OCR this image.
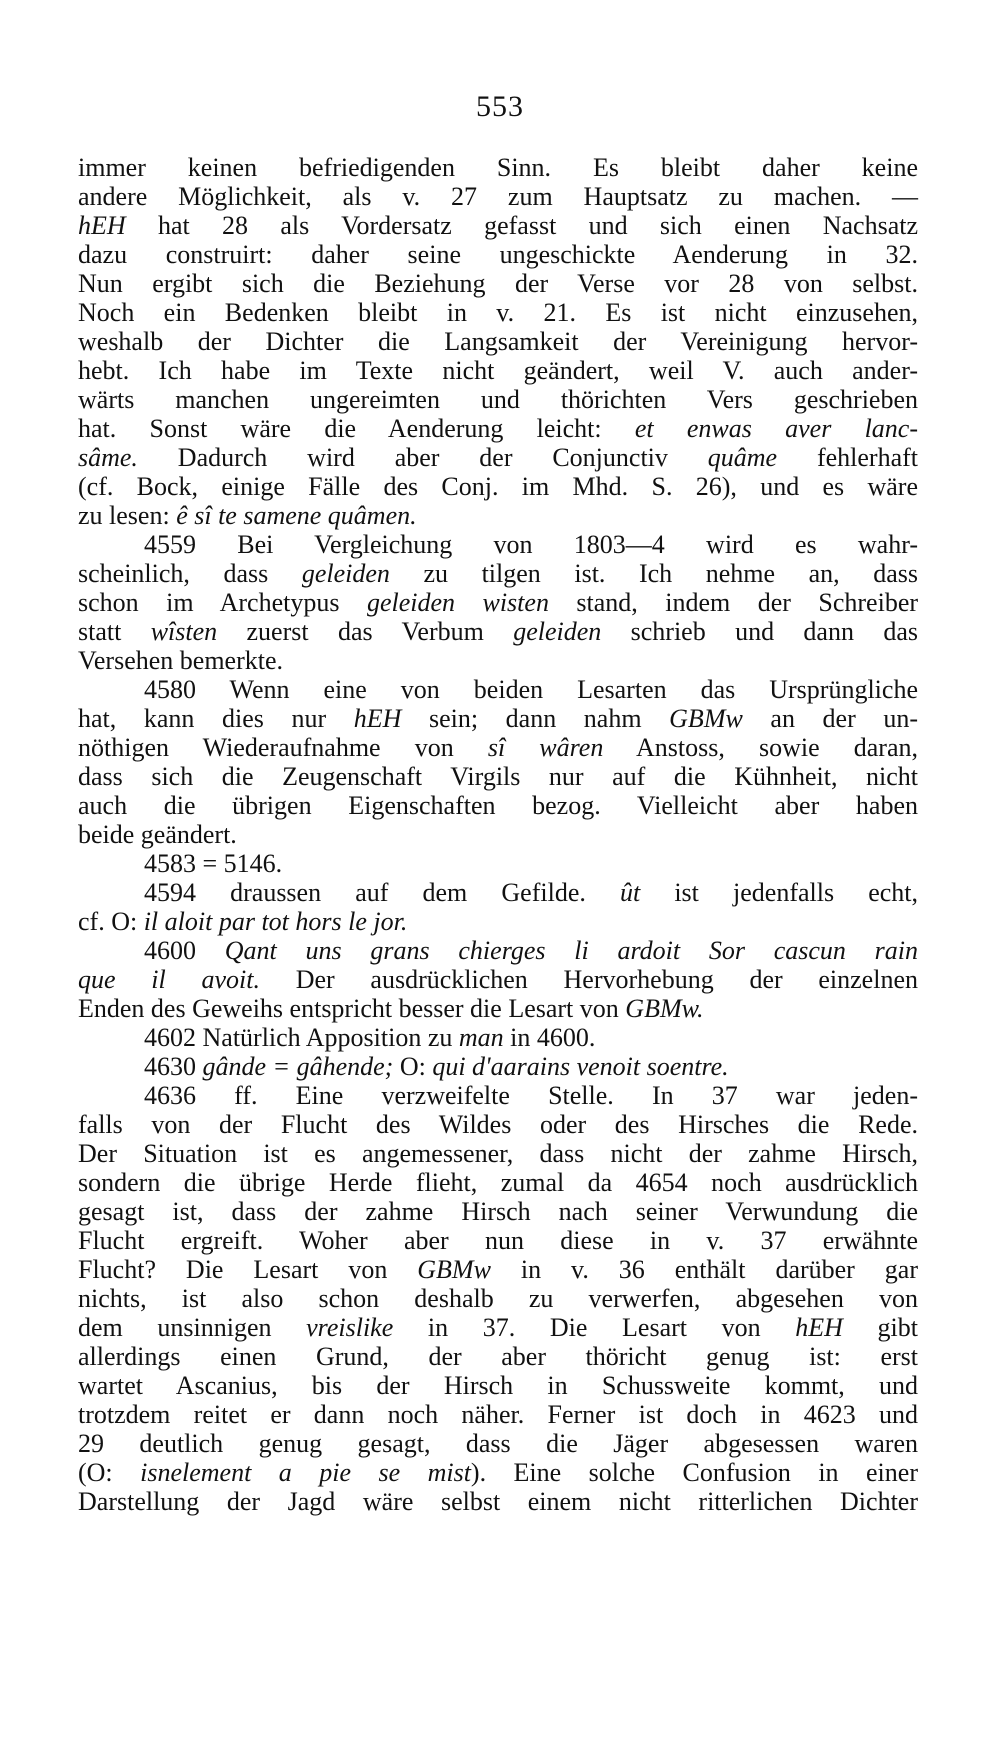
553
immer keinen befriedigenden Sinn. Es bleibt daher keine
andere Möglichkeit, als v. 27 zum Hauptsatz zu machen. —
hEH hat 28 als Vordersatz gefasst und sich einen Nachsatz
dazu construirt: daher seine ungeschickte Aenderung in 32.
Nun ergibt sich die Beziehung der Verse vor 28 von selbst.
Noch ein Bedenken bleibt in v. 21. Es ist nicht einzusehen,
weshalb der Dichter die Langsamkeit der Vereinigung hervor-
hebt. Ich habe im Texte nicht geändert, weil V. auch ander-
wärts manchen ungereimten und thörichten Vers geschrieben
hat. Sonst wäre die Aenderung leicht: et enwas aver lanc-
sâme. Dadurch wird aber der Conjunctiv quâme fehlerhaft
(cf. Bock, einige Fälle des Conj. im Mhd. S. 26), und es wäre
zu lesen: ê sî te samene quâmen.
4559 Bei Vergleichung von 1803—4 wird es wahr-
scheinlich, dass geleiden zu tilgen ist. Ich nehme an, dass
schon im Archetypus geleiden wisten stand, indem der Schreiber
statt wîsten zuerst das Verbum geleiden schrieb und dann das
Versehen bemerkte.
4580 Wenn eine von beiden Lesarten das Ursprüngliche
hat, kann dies nur hEH sein; dann nahm GBMw an der un-
nöthigen Wiederaufnahme von sî wâren Anstoss, sowie daran,
dass sich die Zeugenschaft Virgils nur auf die Kühnheit, nicht
auch die übrigen Eigenschaften bezog. Vielleicht aber haben
beide geändert.
4583 = 5146.
4594 draussen auf dem Gefilde. ût ist jedenfalls echt,
cf. O: il aloit par tot hors le jor.
4600 Qant uns grans chierges li ardoit Sor cascun rain
que il avoit. Der ausdrücklichen Hervorhebung der einzelnen
Enden des Geweihs entspricht besser die Lesart von GBMw.
4602 Natürlich Apposition zu man in 4600.
4630 gânde = gâhende; O: qui d'aarains venoit soentre.
4636 ff. Eine verzweifelte Stelle. In 37 war jeden-
falls von der Flucht des Wildes oder des Hirsches die Rede.
Der Situation ist es angemessener, dass nicht der zahme Hirsch,
sondern die übrige Herde flieht, zumal da 4654 noch ausdrücklich
gesagt ist, dass der zahme Hirsch nach seiner Verwundung die
Flucht ergreift. Woher aber nun diese in v. 37 erwähnte
Flucht? Die Lesart von GBMw in v. 36 enthält darüber gar
nichts, ist also schon deshalb zu verwerfen, abgesehen von
dem unsinnigen vreislike in 37. Die Lesart von hEH gibt
allerdings einen Grund, der aber thöricht genug ist: erst
wartet Ascanius, bis der Hirsch in Schussweite kommt, und
trotzdem reitet er dann noch näher. Ferner ist doch in 4623 und
29 deutlich genug gesagt, dass die Jäger abgesessen waren
(O: isnelement a pie se mist). Eine solche Confusion in einer
Darstellung der Jagd wäre selbst einem nicht ritterlichen Dichter
